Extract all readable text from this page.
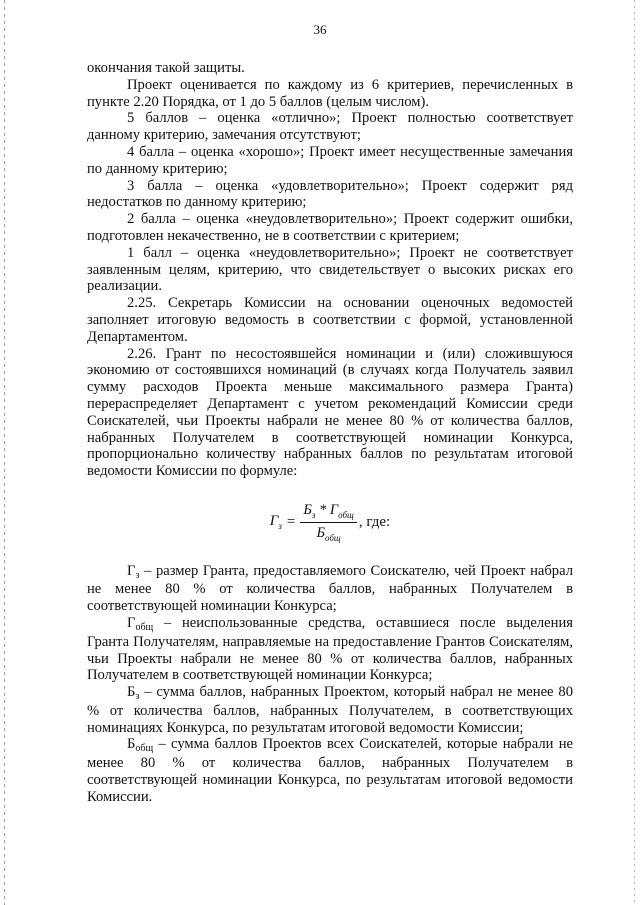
36

окончания такой защиты.

Проект оценивается по каждому из 6 критериев, перечисленных в пункте 2.20 Порядка, от 1 до 5 баллов (целым числом).

5 баллов – оценка «отлично»; Проект полностью соответствует данному критерию, замечания отсутствуют;

4 балла – оценка «хорошо»; Проект имеет несущественные замечания по данному критерию;

3 балла – оценка «удовлетворительно»; Проект содержит ряд недостатков по данному критерию;

2 балла – оценка «неудовлетворительно»; Проект содержит ошибки, подготовлен некачественно, не в соответствии с критерием;

1 балл – оценка «неудовлетворительно»; Проект не соответствует заявленным целям, критерию, что свидетельствует о высоких рисках его реализации.

2.25. Секретарь Комиссии на основании оценочных ведомостей заполняет итоговую ведомость в соответствии с формой, установленной Департаментом.

2.26. Грант по несостоявшейся номинации и (или) сложившуюся экономию от состоявшихся номинаций (в случаях когда Получатель заявил сумму расходов Проекта меньше максимального размера Гранта) перераспределяет Департамент с учетом рекомендаций Комиссии среди Соискателей, чьи Проекты набрали не менее 80 % от количества баллов, набранных Получателем в соответствующей номинации Конкурса, пропорционально количеству набранных баллов по результатам итоговой ведомости Комиссии по формуле:

$Г_з = \frac{Б_з * Г_{общ}}{Б_{общ}}$ , где:

$Г_з$ – размер Гранта, предоставляемого Соискателю, чей Проект набрал не менее 80 % от количества баллов, набранных Получателем в соответствующей номинации Конкурса;

$Г_{общ}$ – неиспользованные средства, оставшиеся после выделения Гранта Получателям, направляемые на предоставление Грантов Соискателям, чьи Проекты набрали не менее 80 % от количества баллов, набранных Получателем в соответствующей номинации Конкурса;

$Б_з$ – сумма баллов, набранных Проектом, который набрал не менее 80 % от количества баллов, набранных Получателем, в соответствующих номинациях Конкурса, по результатам итоговой ведомости Комиссии;

$Б_{общ}$ – сумма баллов Проектов всех Соискателей, которые набрали не менее 80 % от количества баллов, набранных Получателем в соответствующей номинации Конкурса, по результатам итоговой ведомости Комиссии.
